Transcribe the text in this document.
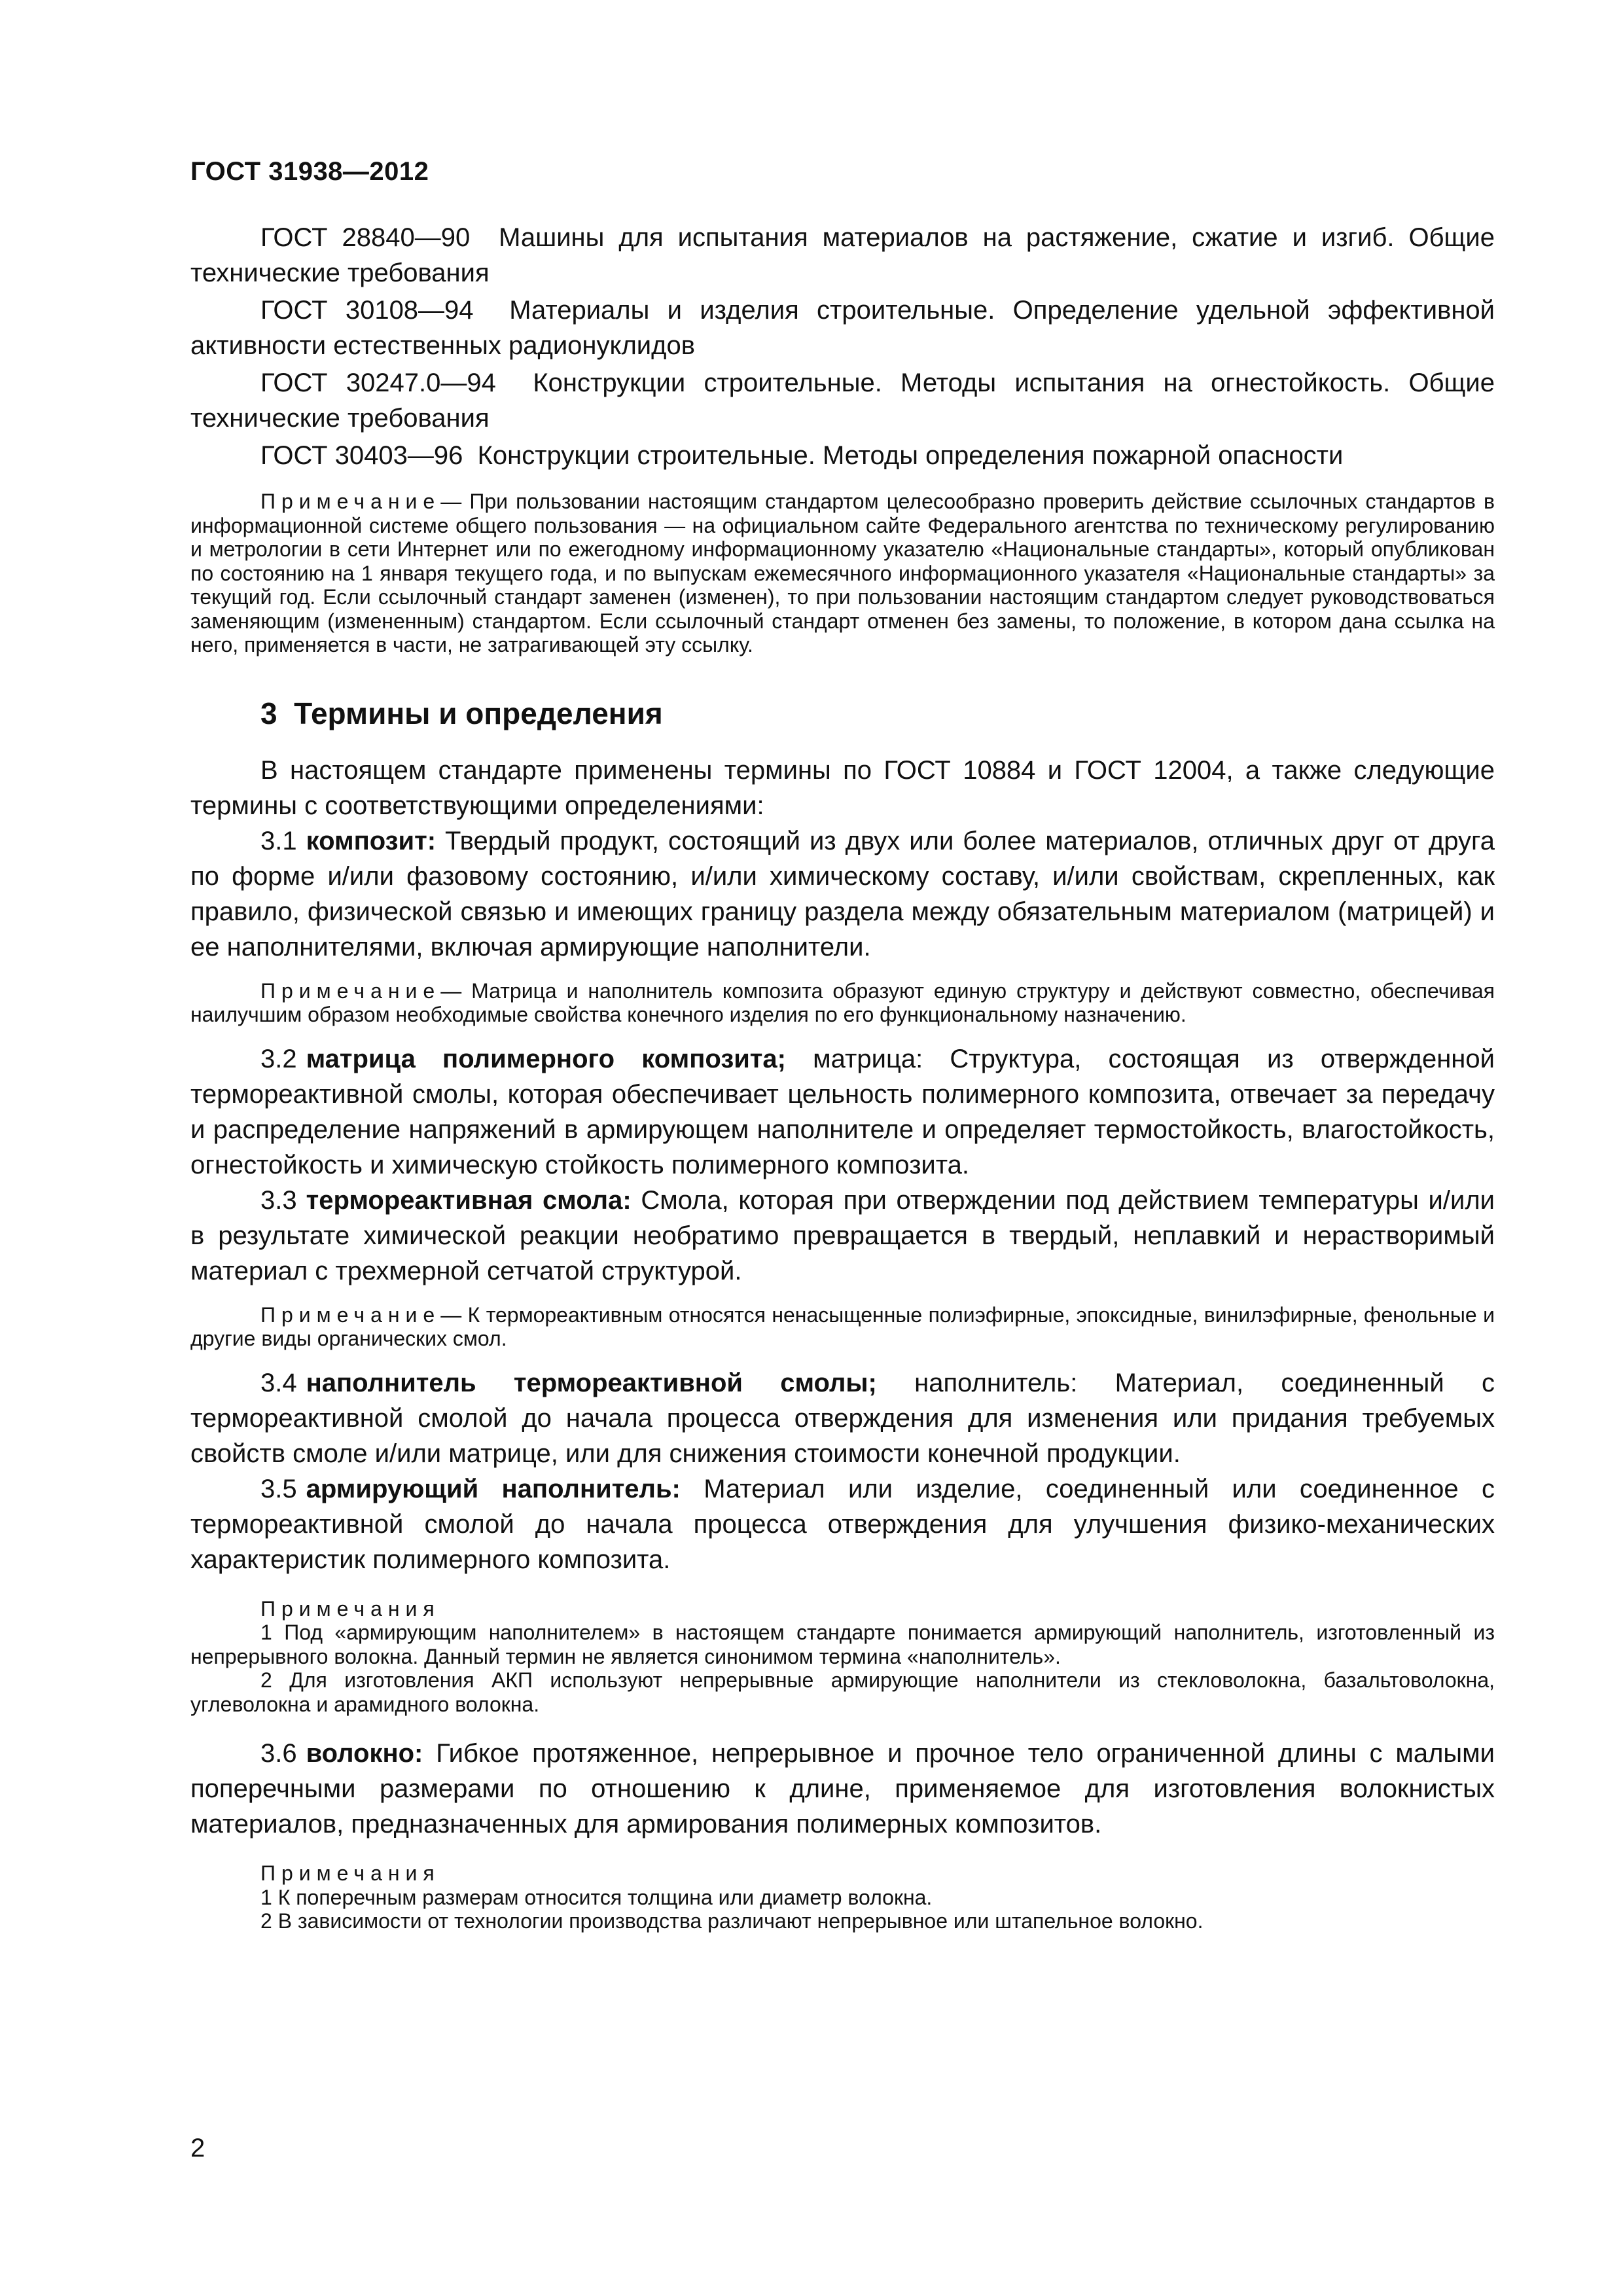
ГОСТ 31938—2012

ГОСТ 28840—90 Машины для испытания материалов на растяжение, сжатие и изгиб. Общие технические требования

ГОСТ 30108—94 Материалы и изделия строительные. Определение удельной эффективной активности естественных радионуклидов

ГОСТ 30247.0—94 Конструкции строительные. Методы испытания на огнестойкость. Общие технические требования

ГОСТ 30403—96 Конструкции строительные. Методы определения пожарной опасности

Примечание— При пользовании настоящим стандартом целесообразно проверить действие ссылочных стандартов в информационной системе общего пользования — на официальном сайте Федерального агентства по техническому регулированию и метрологии в сети Интернет или по ежегодному информационному указателю «Национальные стандарты», который опубликован по состоянию на 1 января текущего года, и по выпускам ежемесячного информационного указателя «Национальные стандарты» за текущий год. Если ссылочный стандарт заменен (изменен), то при пользовании настоящим стандартом следует руководствоваться заменяющим (измененным) стандартом. Если ссылочный стандарт отменен без замены, то положение, в котором дана ссылка на него, применяется в части, не затрагивающей эту ссылку.

3 Термины и определения

В настоящем стандарте применены термины по ГОСТ 10884 и ГОСТ 12004, а также следующие термины с соответствующими определениями:

3.1 композит: Твердый продукт, состоящий из двух или более материалов, отличных друг от друга по форме и/или фазовому состоянию, и/или химическому составу, и/или свойствам, скрепленных, как правило, физической связью и имеющих границу раздела между обязательным материалом (матрицей) и ее наполнителями, включая армирующие наполнители.

Примечание— Матрица и наполнитель композита образуют единую структуру и действуют совместно, обеспечивая наилучшим образом необходимые свойства конечного изделия по его функциональному назначению.

3.2 матрица полимерного композита; матрица: Структура, состоящая из отвержденной термореактивной смолы, которая обеспечивает цельность полимерного композита, отвечает за передачу и распределение напряжений в армирующем наполнителе и определяет термостойкость, влагостойкость, огнестойкость и химическую стойкость полимерного композита.

3.3 термореактивная смола: Смола, которая при отверждении под действием температуры и/или в результате химической реакции необратимо превращается в твердый, неплавкий и нерастворимый материал с трехмерной сетчатой структурой.

Примечание— К термореактивным относятся ненасыщенные полиэфирные, эпоксидные, винилэфирные, фенольные и другие виды органических смол.

3.4 наполнитель термореактивной смолы; наполнитель: Материал, соединенный с термореактивной смолой до начала процесса отверждения для изменения или придания требуемых свойств смоле и/или матрице, или для снижения стоимости конечной продукции.

3.5 армирующий наполнитель: Материал или изделие, соединенный или соединенное с термореактивной смолой до начала процесса отверждения для улучшения физико-механических характеристик полимерного композита.

Примечания

1 Под «армирующим наполнителем» в настоящем стандарте понимается армирующий наполнитель, изготовленный из непрерывного волокна. Данный термин не является синонимом термина «наполнитель».

2 Для изготовления АКП используют непрерывные армирующие наполнители из стекловолокна, базальтоволокна, углеволокна и арамидного волокна.

3.6 волокно: Гибкое протяженное, непрерывное и прочное тело ограниченной длины с малыми поперечными размерами по отношению к длине, применяемое для изготовления волокнистых материалов, предназначенных для армирования полимерных композитов.

Примечания

1 К поперечным размерам относится толщина или диаметр волокна.

2 В зависимости от технологии производства различают непрерывное или штапельное волокно.

2
